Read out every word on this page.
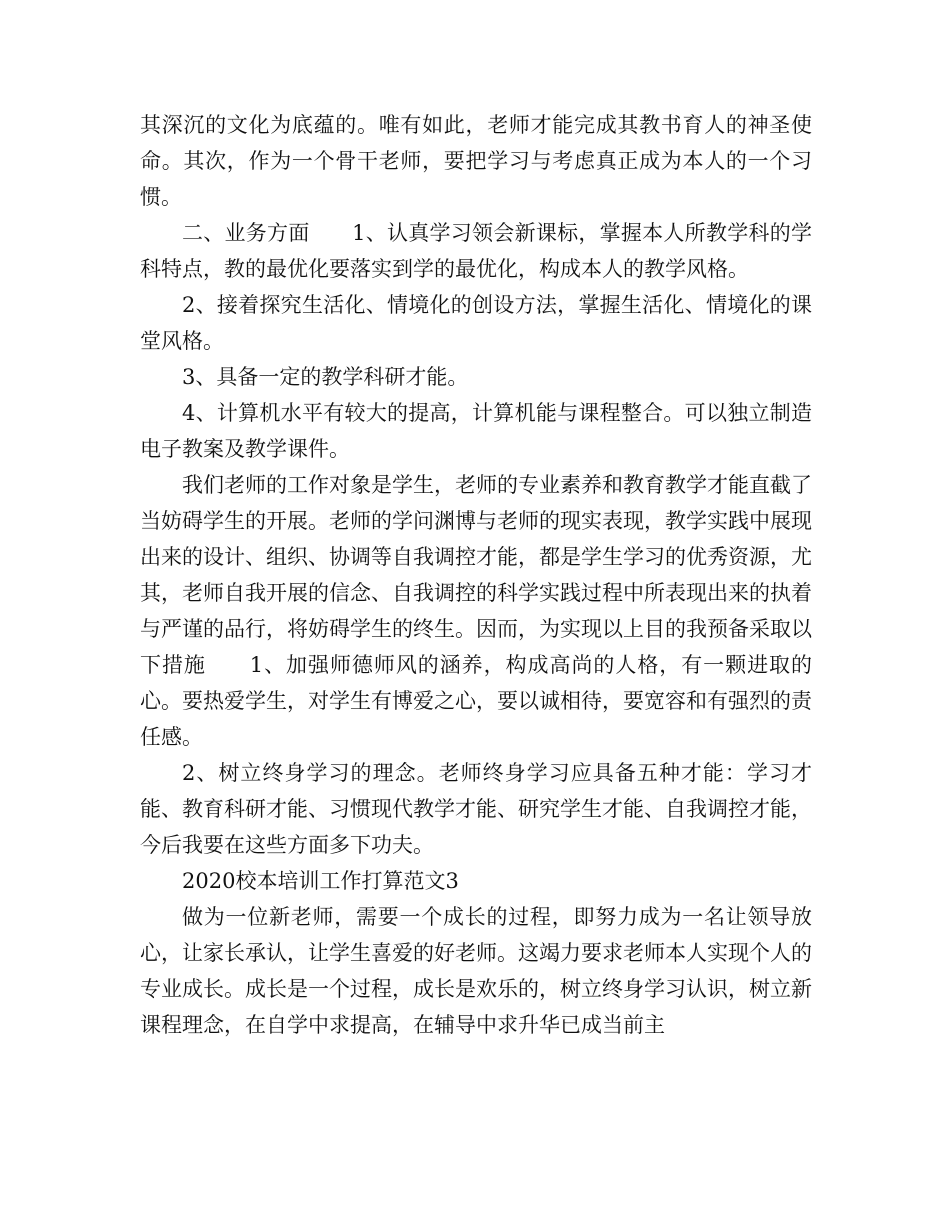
其深沉的文化为底蕴的。唯有如此，老师才能完成其教书育人的神圣使命。其次，作为一个骨干老师，要把学习与考虑真正成为本人的一个习惯。

二、业务方面　　1、认真学习领会新课标，掌握本人所教学科的学科特点，教的最优化要落实到学的最优化，构成本人的教学风格。

2、接着探究生活化、情境化的创设方法，掌握生活化、情境化的课堂风格。

3、具备一定的教学科研才能。

4、计算机水平有较大的提高，计算机能与课程整合。可以独立制造电子教案及教学课件。

我们老师的工作对象是学生，老师的专业素养和教育教学才能直截了当妨碍学生的开展。老师的学问渊博与老师的现实表现，教学实践中展现出来的设计、组织、协调等自我调控才能，都是学生学习的优秀资源，尤其，老师自我开展的信念、自我调控的科学实践过程中所表现出来的执着与严谨的品行，将妨碍学生的终生。因而，为实现以上目的我预备采取以下措施　　1、加强师德师风的涵养，构成高尚的人格，有一颗进取的心。要热爱学生，对学生有博爱之心，要以诚相待，要宽容和有强烈的责任感。

2、树立终身学习的理念。老师终身学习应具备五种才能：学习才能、教育科研才能、习惯现代教学才能、研究学生才能、自我调控才能，今后我要在这些方面多下功夫。

2020校本培训工作打算范文3

做为一位新老师，需要一个成长的过程，即努力成为一名让领导放心，让家长承认，让学生喜爱的好老师。这竭力要求老师本人实现个人的专业成长。成长是一个过程，成长是欢乐的，树立终身学习认识，树立新课程理念，在自学中求提高，在辅导中求升华已成当前主
